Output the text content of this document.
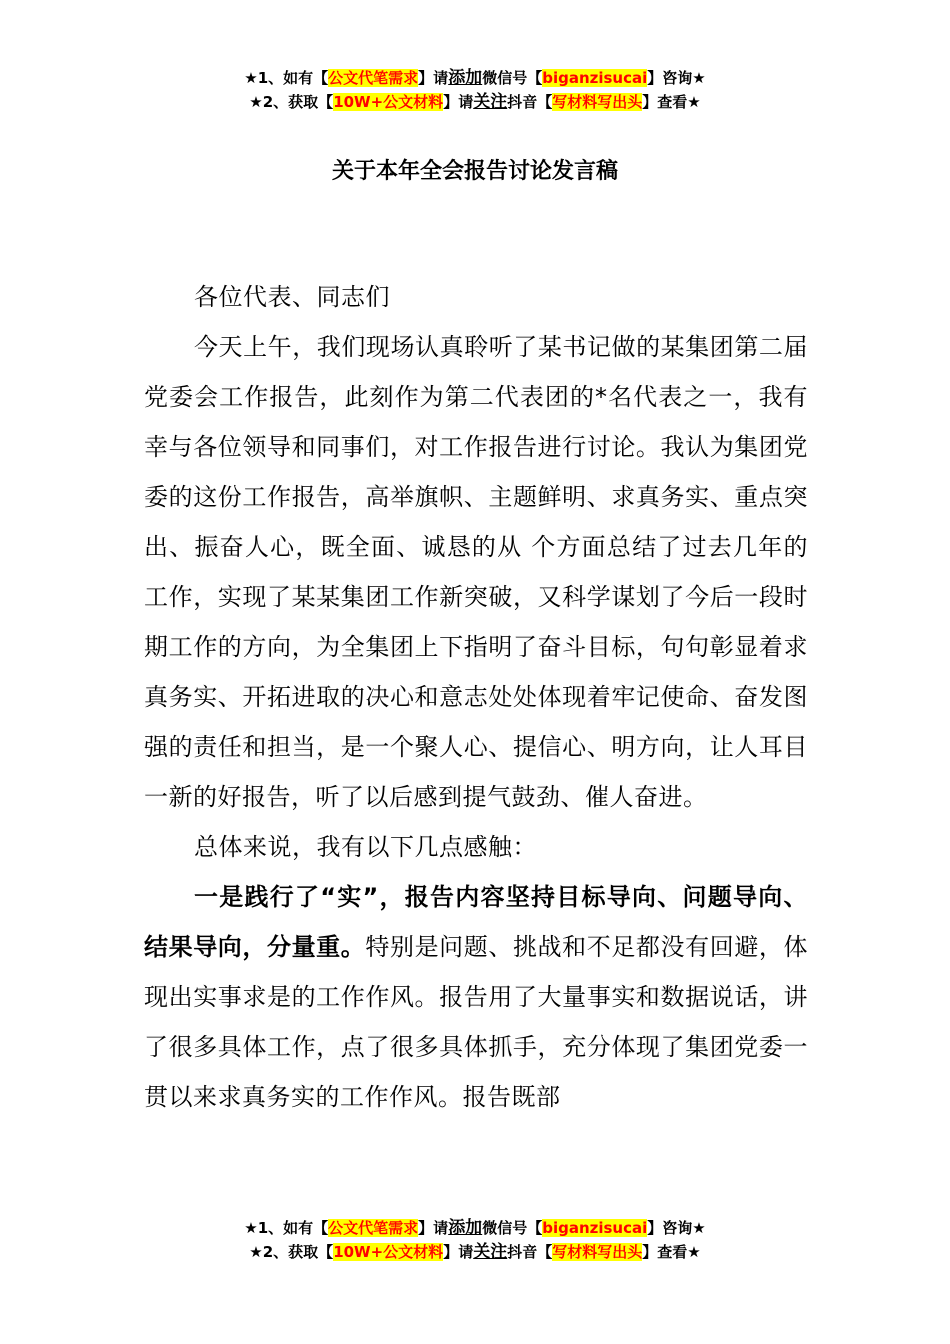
★1、如有【公文代笔需求】请添加微信号【biganzisucai】咨询★
★2、获取【10W+公文材料】请关注抖音【写材料写出头】查看★
关于本年全会报告讨论发言稿

各位代表、同志们

今天上午，我们现场认真聆听了某书记做的某集团第二届党委会工作报告，此刻作为第二代表团的*名代表之一，我有幸与各位领导和同事们，对工作报告进行讨论。我认为集团党委的这份工作报告，高举旗帜、主题鲜明、求真务实、重点突出、振奋人心，既全面、诚恳的从 个方面总结了过去几年的工作，实现了某某集团工作新突破，又科学谋划了今后一段时期工作的方向，为全集团上下指明了奋斗目标，句句彰显着求真务实、开拓进取的决心和意志处处体现着牢记使命、奋发图强的责任和担当，是一个聚人心、提信心、明方向，让人耳目一新的好报告，听了以后感到提气鼓劲、催人奋进。

总体来说，我有以下几点感触：

一是践行了“实”，报告内容坚持目标导向、问题导向、结果导向，分量重。特别是问题、挑战和不足都没有回避，体现出实事求是的工作作风。报告用了大量事实和数据说话，讲了很多具体工作，点了很多具体抓手，充分体现了集团党委一贯以来求真务实的工作作风。报告既部

★1、如有【公文代笔需求】请添加微信号【biganzisucai】咨询★
★2、获取【10W+公文材料】请关注抖音【写材料写出头】查看★
